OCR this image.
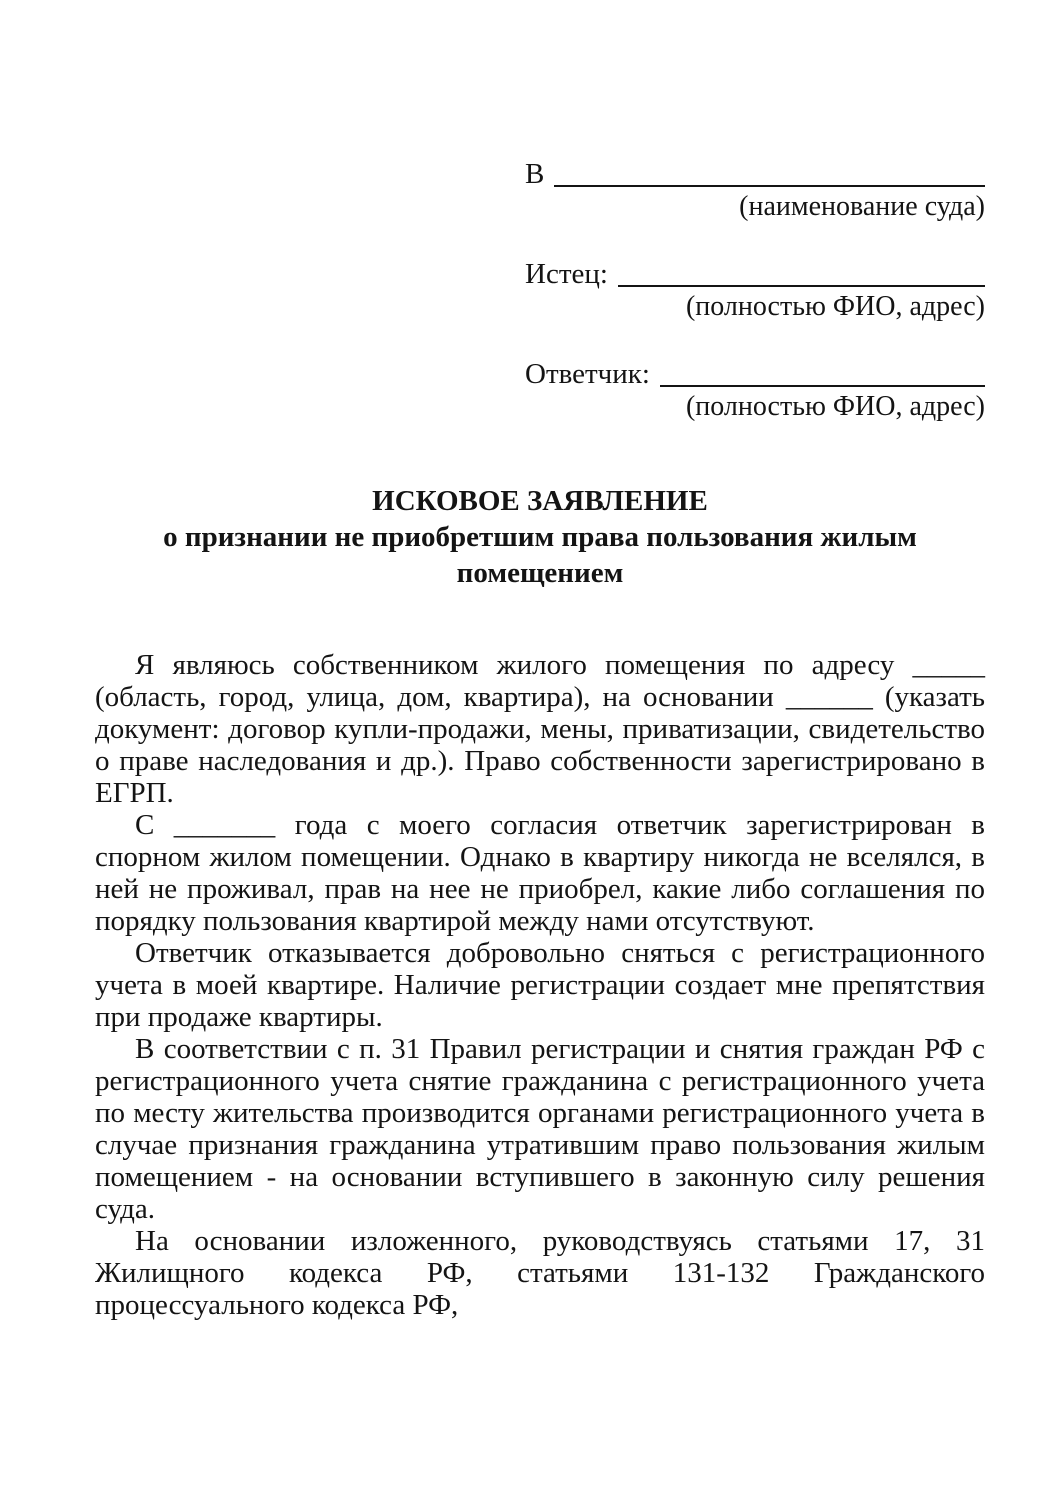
В
(наименование суда)
Истец:
(полностью ФИО, адрес)
Ответчик:
(полностью ФИО, адрес)
ИСКОВОЕ ЗАЯВЛЕНИЕ
о признании не приобретшим права пользования жилым помещением

Я являюсь собственником жилого помещения по адресу _____ (область, город, улица, дом, квартира), на основании ______ (указать документ: договор купли-продажи, мены, приватизации, свидетельство о праве наследования и др.). Право собственности зарегистрировано в ЕГРП.

С _______ года с моего согласия ответчик зарегистрирован в спорном жилом помещении. Однако в квартиру никогда не вселялся, в ней не проживал, прав на нее не приобрел, какие либо соглашения по порядку пользования квартирой между нами отсутствуют.

Ответчик отказывается добровольно сняться с регистрационного учета в моей квартире. Наличие регистрации создает мне препятствия при продаже квартиры.

В соответствии с п. 31 Правил регистрации и снятия граждан РФ с регистрационного учета снятие гражданина с регистрационного учета по месту жительства производится органами регистрационного учета в случае признания гражданина утратившим право пользования жилым помещением - на основании вступившего в законную силу решения суда.

На основании изложенного, руководствуясь статьями 17, 31 Жилищного кодекса РФ, статьями 131-132 Гражданского процессуального кодекса РФ,
